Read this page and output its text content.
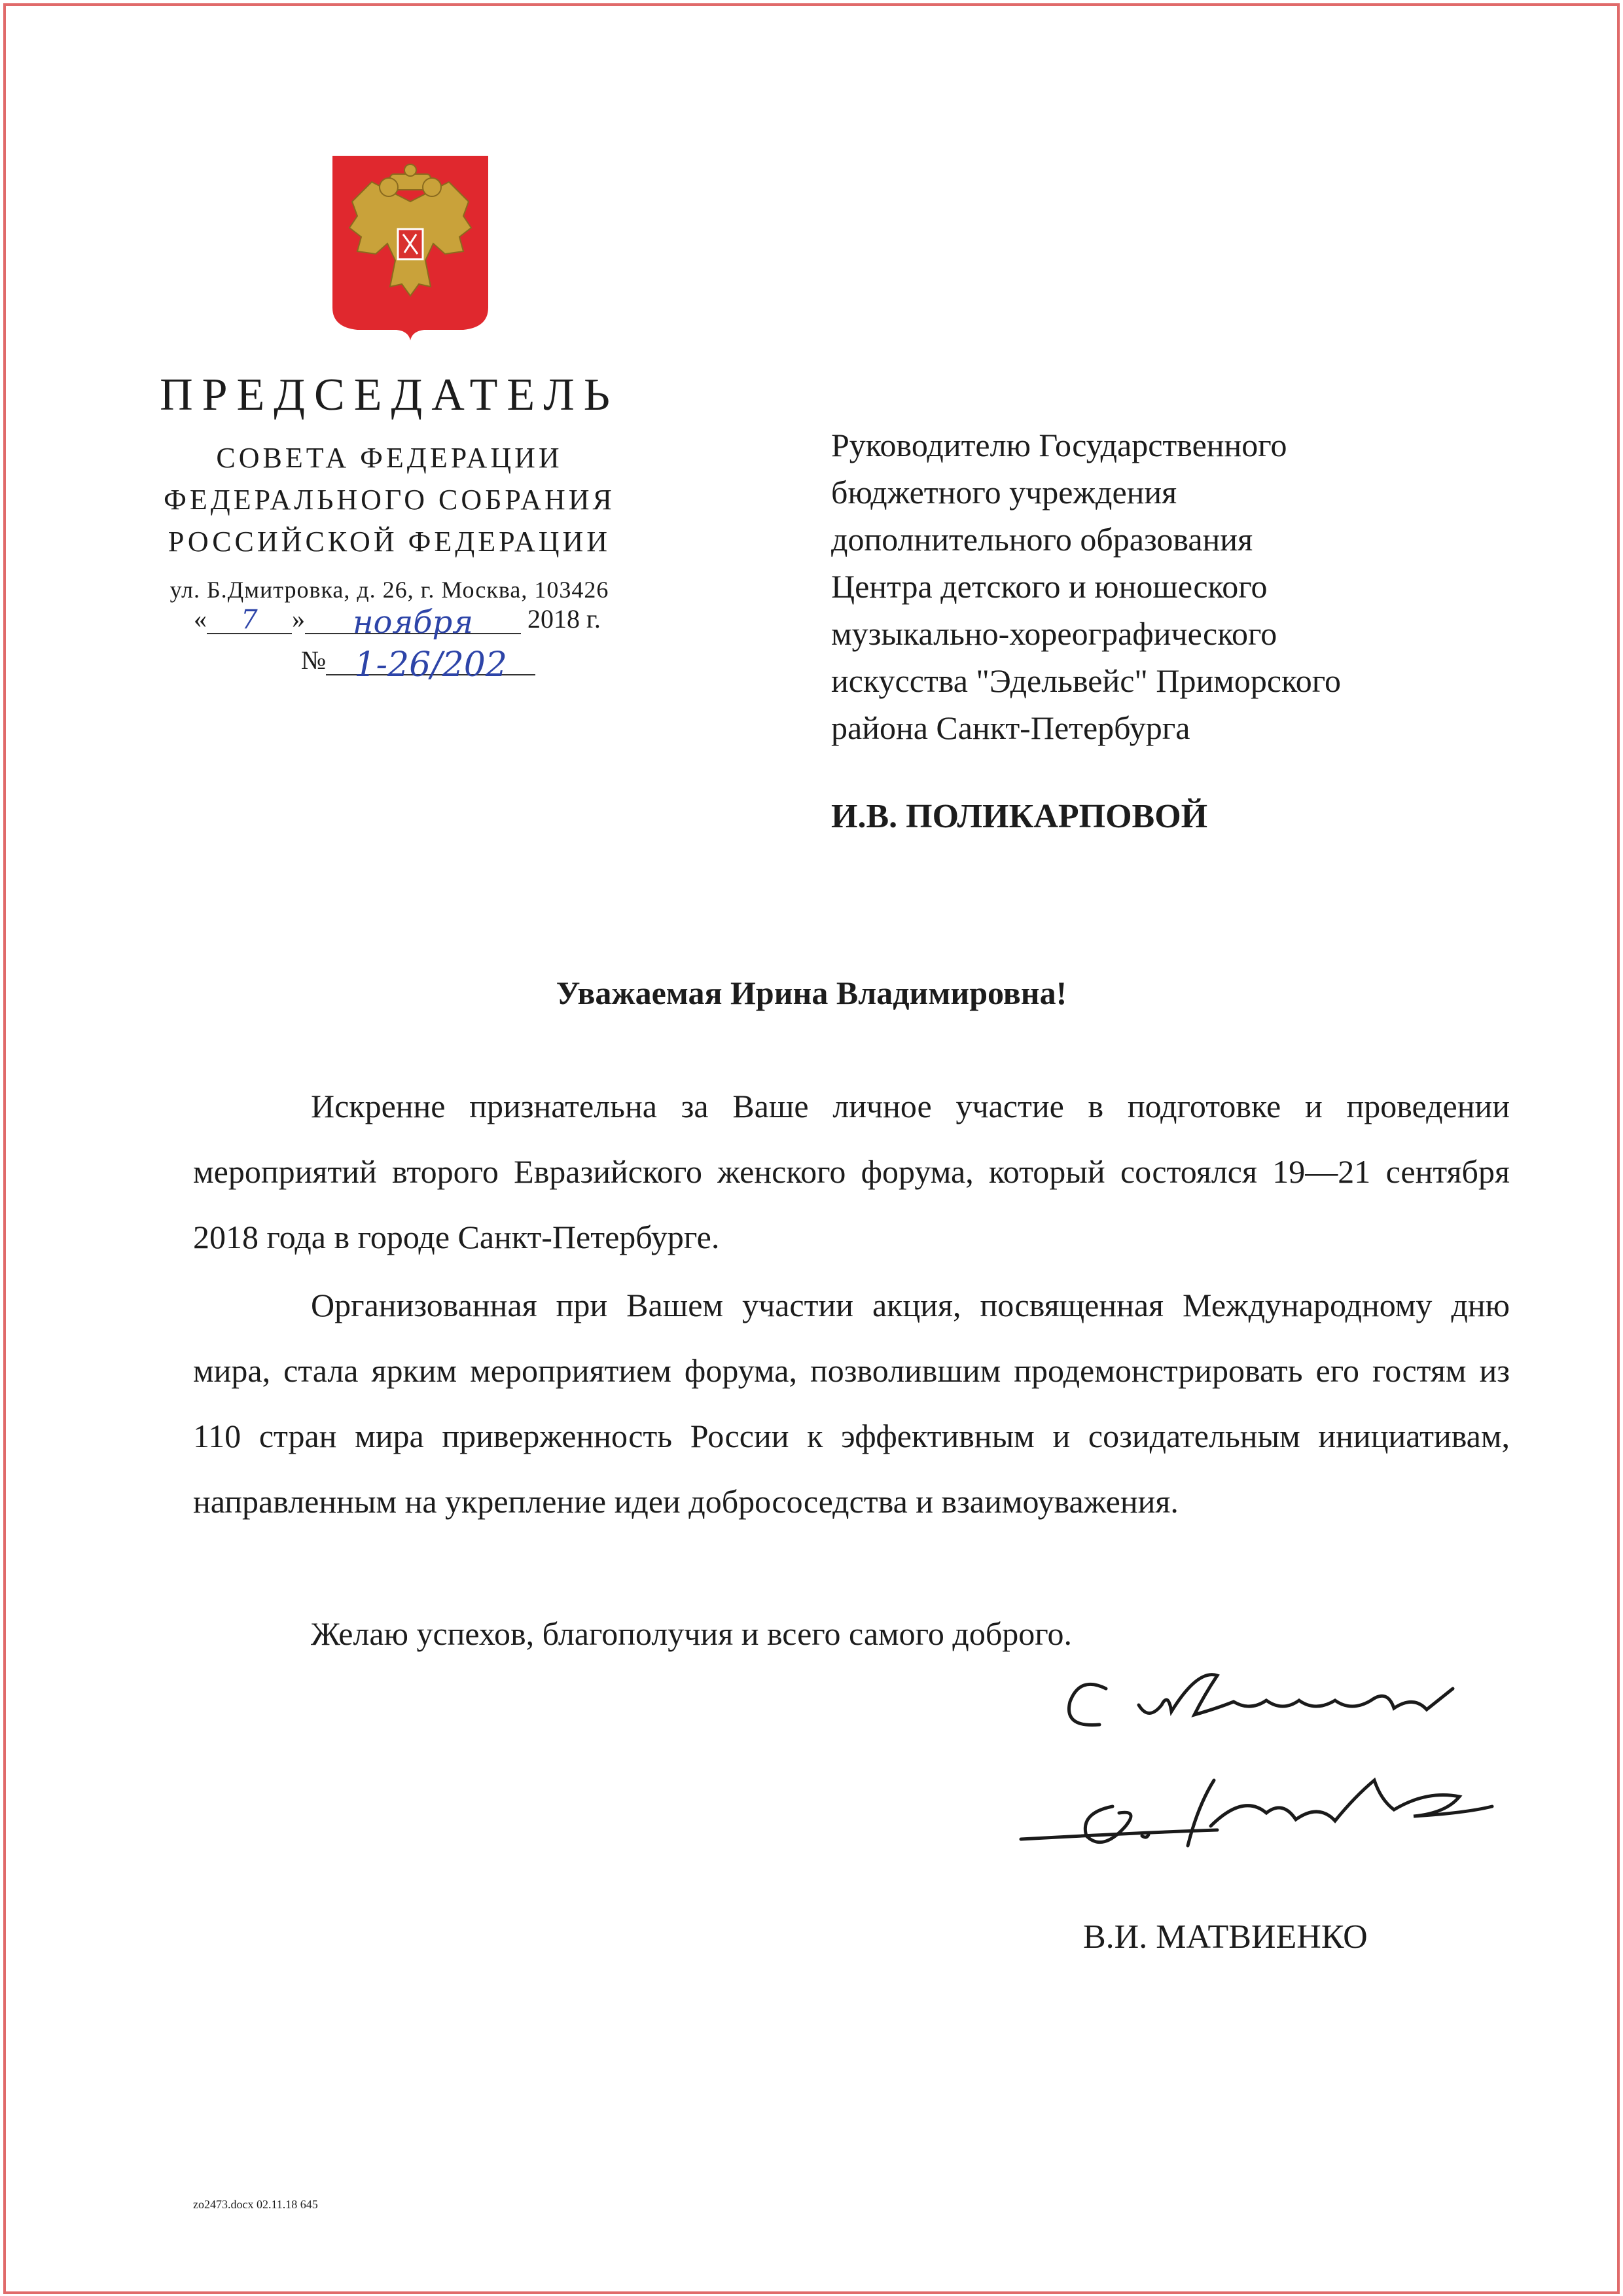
ПРЕДСЕДАТЕЛЬ
СОВЕТА ФЕДЕРАЦИИ
ФЕДЕРАЛЬНОГО СОБРАНИЯ
РОССИЙСКОЙ ФЕДЕРАЦИИ
ул. Б.Дмитровка, д. 26, г. Москва, 103426
« 7 » ноября 2018 г.
№ 1-26/202
Руководителю Государственного
бюджетного учреждения
дополнительного образования
Центра детского и юношеского
музыкально-хореографического
искусства "Эдельвейс" Приморского
района Санкт-Петербурга
И.В. ПОЛИКАРПОВОЙ
Уважаемая Ирина Владимировна!
Искренне признательна за Ваше личное участие в подготовке и проведении мероприятий второго Евразийского женского форума, который состоялся 19—21 сентября 2018 года в городе Санкт-Петербурге.
Организованная при Вашем участии акция, посвященная Международному дню мира, стала ярким мероприятием форума, позволившим продемонстрировать его гостям из 110 стран мира приверженность России к эффективным и созидательным инициативам, направленным на укрепление идеи добрососедства и взаимоуважения.
Желаю успехов, благополучия и всего самого доброго.
В.И. МАТВИЕНКО
zo2473.docx 02.11.18 645
